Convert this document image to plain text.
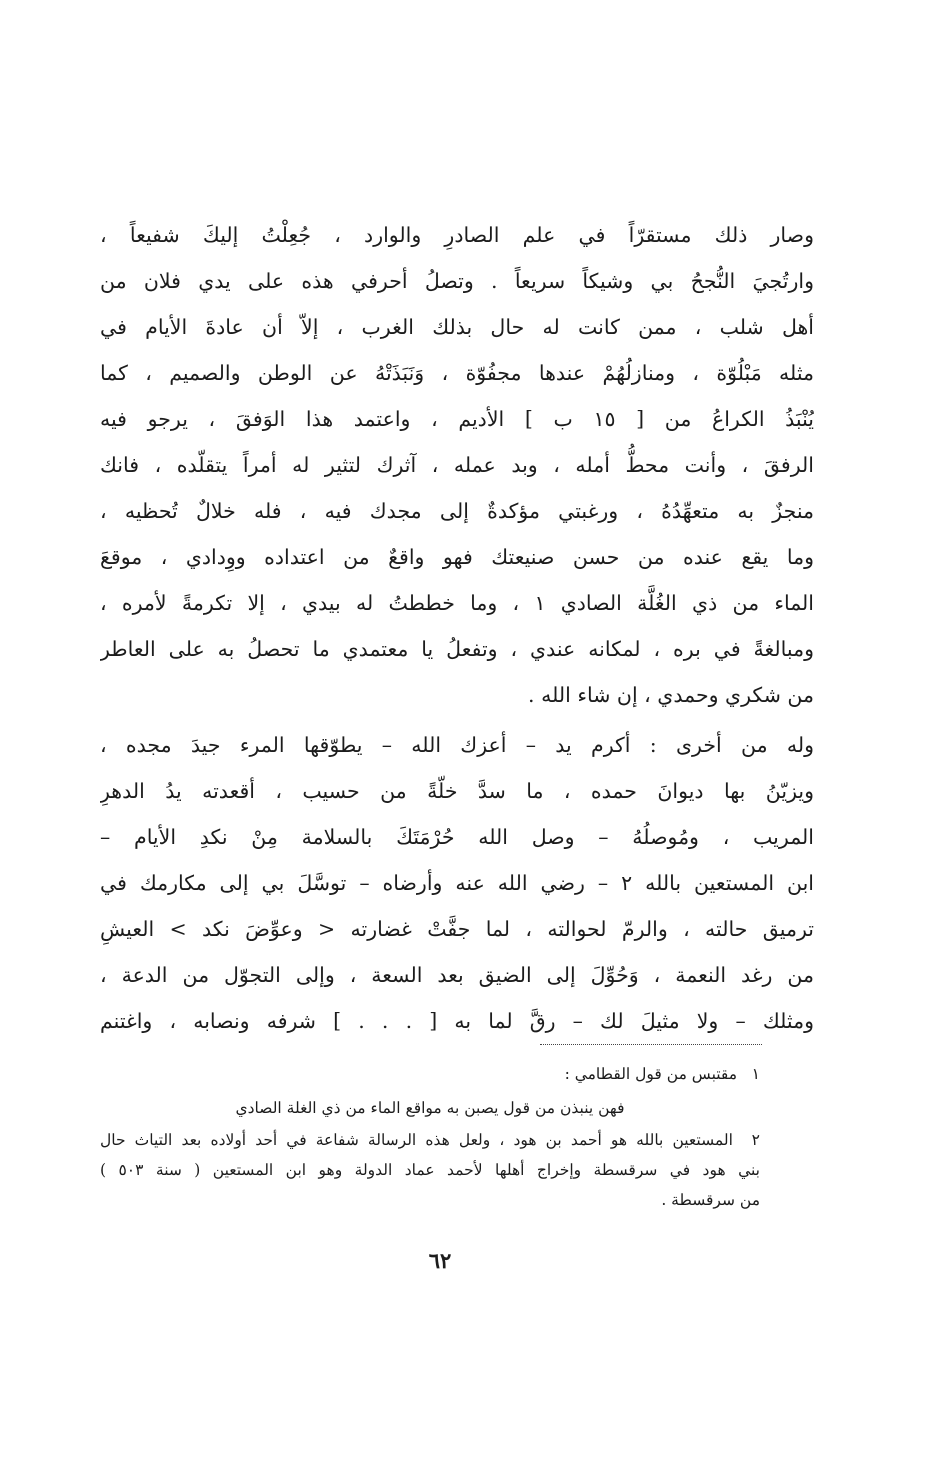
وصار ذلك مستقرّاً في علم الصادرِ والوارد ، جُعِلْتُ إليكَ شفيعاً ،
وارتُجيَ النُّجحُ بي وشيكاً سريعاً . وتصلُ أحرفي هذه على يدي فلان من
أهل شلب ، ممن كانت له حال بذلك الغرب ، إلاّ أن عادةَ الأيام في
مثله مَبْلُوّة ، ومنازلُهُمْ عندها مجفُوّة ، وَنَبَذَتْهُ عن الوطن والصميم ، كما
يُنْبَذُ الكراعُ من [ ١٥ ب ] الأديم ، واعتمد هذا الوَفقَ ، يرجو فيه
الرفقَ ، وأنت محطُّ أمله ، وبد عمله ، آثرك لتثير له أمراً يتقلّده ، فانك
منجزٌ به متعهِّدُهُ ، ورغبتي مؤكدةٌ إلى مجدك فيه ، فله خلالٌ تُحظيه ،
وما يقع عنده من حسن صنيعتك فهو واقعٌ من اعتداده ووِدادي ، موقعَ
الماء من ذي الغُلَّة الصادي ١ ، وما خططتُ له بيدي ، إلا تكرمةً لأمره ،
ومبالغةً في بره ، لمكانه عندي ، وتفعلُ يا معتمدي ما تحصلُ به على العاطر
من شكري وحمدي ، إن شاء الله .
وله من أخرى : أكرم يد – أعزك الله – يطوّقها المرء جيدَ مجده ،
ويزيّنُ بها ديوانَ حمده ، ما سدَّ خلّةً من حسيب ، أقعدته يدُ الدهرِ
المريب ، ومُوصلُهُ – وصل الله حُرْمَتَكَ بالسلامة مِنْ نكدِ الأيام –
ابن المستعين بالله ٢ – رضي الله عنه وأرضاه – توسَّلَ بي إلى مكارمك في
ترميق حالته ، والرمّ لحوالته ، لما جفَّتْ غضارته < وعوِّضَ نكد > العيشِ
من رغد النعمة ، وَحُوِّلَ إلى الضيق بعد السعة ، وإلى التجوّل من الدعة ،
ومثلك – ولا مثيلَ لك – رقَّ لما به [ . . . ] شرفه ونصابه ، واغتنم
١ مقتبس من قول القطامي :
فهن ينبذن من قول يصبن به مواقع الماء من ذي الغلة الصادي
٢ المستعين بالله هو أحمد بن هود ، ولعل هذه الرسالة شفاعة في أحد أولاده بعد التياث حال
بني هود في سرقسطة وإخراج أهلها لأحمد عماد الدولة وهو ابن المستعين ( سنة ٥٠٣ )
من سرقسطة .
٦٢
